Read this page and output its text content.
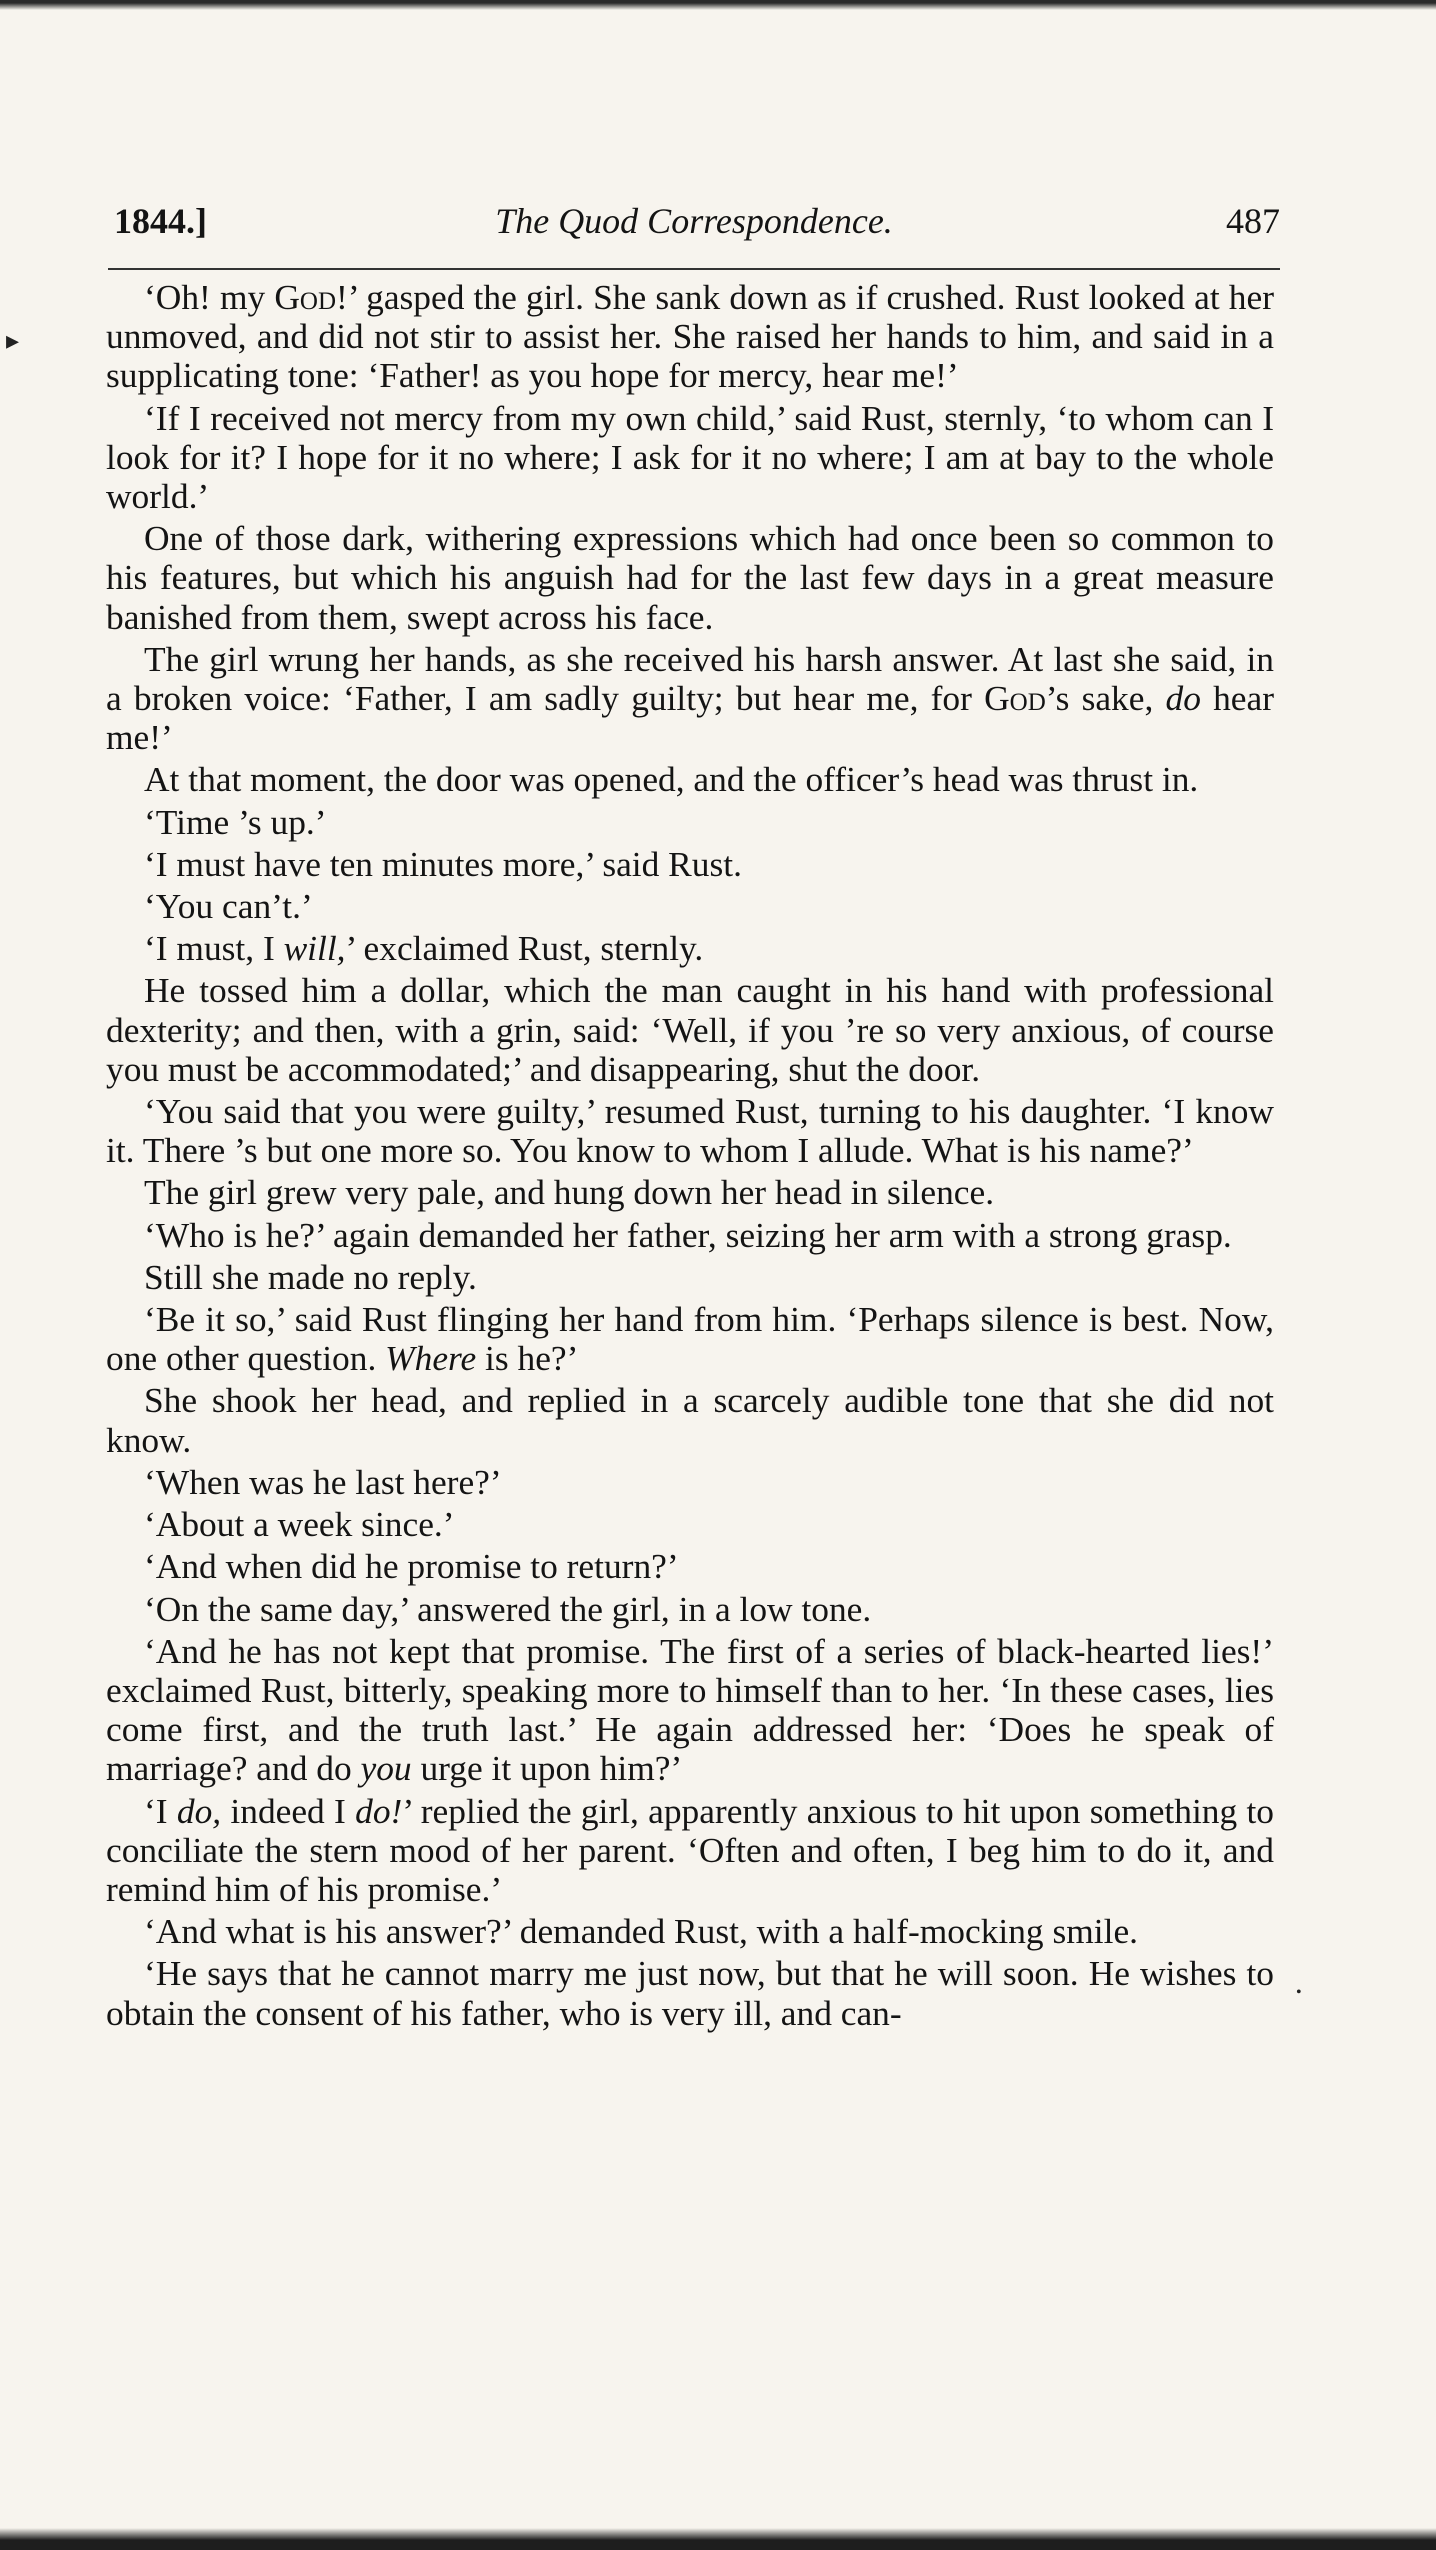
▸
•
1844.]	The Quod Correspondence.	487

‘Oh! my God!’ gasped the girl. She sank down as if crushed. Rust looked at her unmoved, and did not stir to assist her. She raised her hands to him, and said in a supplicating tone: ‘Father! as you hope for mercy, hear me!’

‘If I received not mercy from my own child,’ said Rust, sternly, ‘to whom can I look for it? I hope for it no where; I ask for it no where; I am at bay to the whole world.’

One of those dark, withering expressions which had once been so common to his features, but which his anguish had for the last few days in a great measure banished from them, swept across his face.

The girl wrung her hands, as she received his harsh answer. At last she said, in a broken voice: ‘Father, I am sadly guilty; but hear me, for God’s sake, do hear me!’

At that moment, the door was opened, and the officer’s head was thrust in.

‘Time ’s up.’

‘I must have ten minutes more,’ said Rust.

‘You can’t.’

‘I must, I will,’ exclaimed Rust, sternly.

He tossed him a dollar, which the man caught in his hand with professional dexterity; and then, with a grin, said: ‘Well, if you ’re so very anxious, of course you must be accommodated;’ and disappearing, shut the door.

‘You said that you were guilty,’ resumed Rust, turning to his daughter. ‘I know it. There ’s but one more so. You know to whom I allude. What is his name?’

The girl grew very pale, and hung down her head in silence.

‘Who is he?’ again demanded her father, seizing her arm with a strong grasp.

Still she made no reply.

‘Be it so,’ said Rust flinging her hand from him. ‘Perhaps silence is best. Now, one other question. Where is he?’

She shook her head, and replied in a scarcely audible tone that she did not know.

‘When was he last here?’

‘About a week since.’

‘And when did he promise to return?’

‘On the same day,’ answered the girl, in a low tone.

‘And he has not kept that promise. The first of a series of black-hearted lies!’ exclaimed Rust, bitterly, speaking more to himself than to her. ‘In these cases, lies come first, and the truth last.’ He again addressed her: ‘Does he speak of marriage? and do you urge it upon him?’

‘I do, indeed I do!’ replied the girl, apparently anxious to hit upon something to conciliate the stern mood of her parent. ‘Often and often, I beg him to do it, and remind him of his promise.’

‘And what is his answer?’ demanded Rust, with a half-mocking smile.

‘He says that he cannot marry me just now, but that he will soon. He wishes to obtain the consent of his father, who is very ill, and can-
